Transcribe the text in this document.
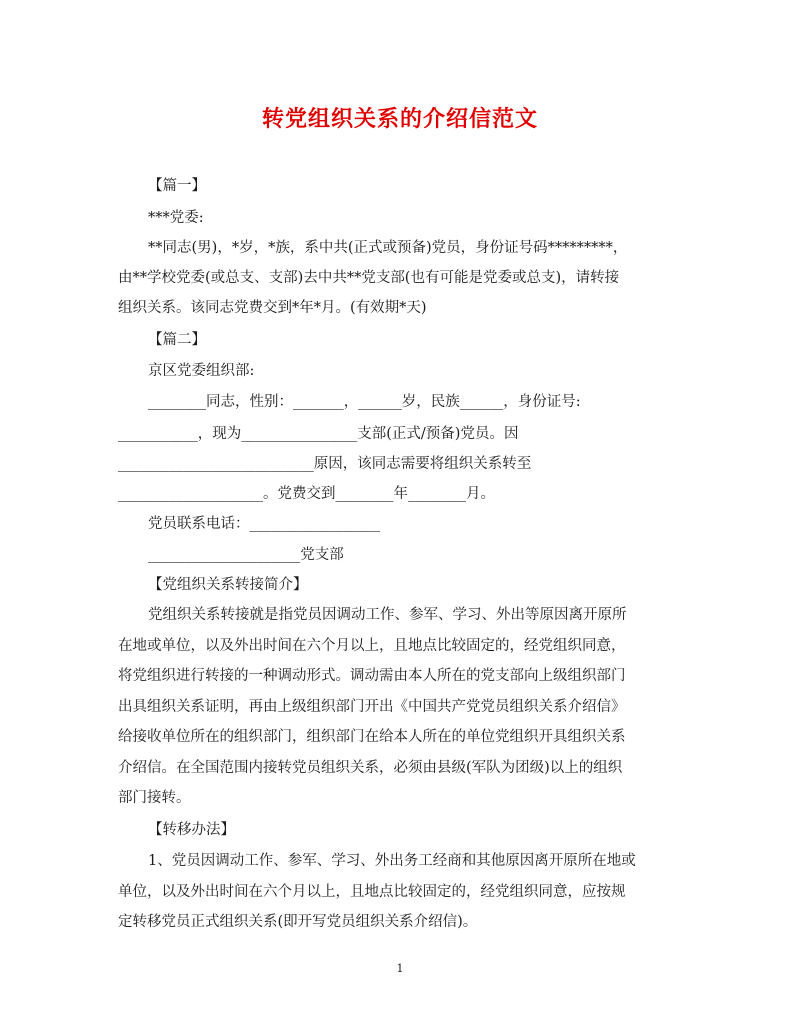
转党组织关系的介绍信范文
【篇一】
***党委:
**同志(男)，*岁，*族，系中共(正式或预备)党员，身份证号码*********，
由**学校党委(或总支、支部)去中共**党支部(也有可能是党委或总支)，请转接
组织关系。该同志党费交到*年*月。(有效期*天)
【篇二】
京区党委组织部:
________同志，性别：_______，______岁，民族______，身份证号:
___________，现为________________支部(正式/预备)党员。因
___________________________原因，该同志需要将组织关系转至
____________________。党费交到________年________月。
党员联系电话：__________________
_____________________党支部
【党组织关系转接简介】
党组织关系转接就是指党员因调动工作、参军、学习、外出等原因离开原所
在地或单位，以及外出时间在六个月以上，且地点比较固定的，经党组织同意，
将党组织进行转接的一种调动形式。调动需由本人所在的党支部向上级组织部门
出具组织关系证明，再由上级组织部门开出《中国共产党党员组织关系介绍信》
给接收单位所在的组织部门，组织部门在给本人所在的单位党组织开具组织关系
介绍信。在全国范围内接转党员组织关系，必须由县级(军队为团级)以上的组织
部门接转。
【转移办法】
1、党员因调动工作、参军、学习、外出务工经商和其他原因离开原所在地或
单位，以及外出时间在六个月以上，且地点比较固定的，经党组织同意，应按规
定转移党员正式组织关系(即开写党员组织关系介绍信)。
1
